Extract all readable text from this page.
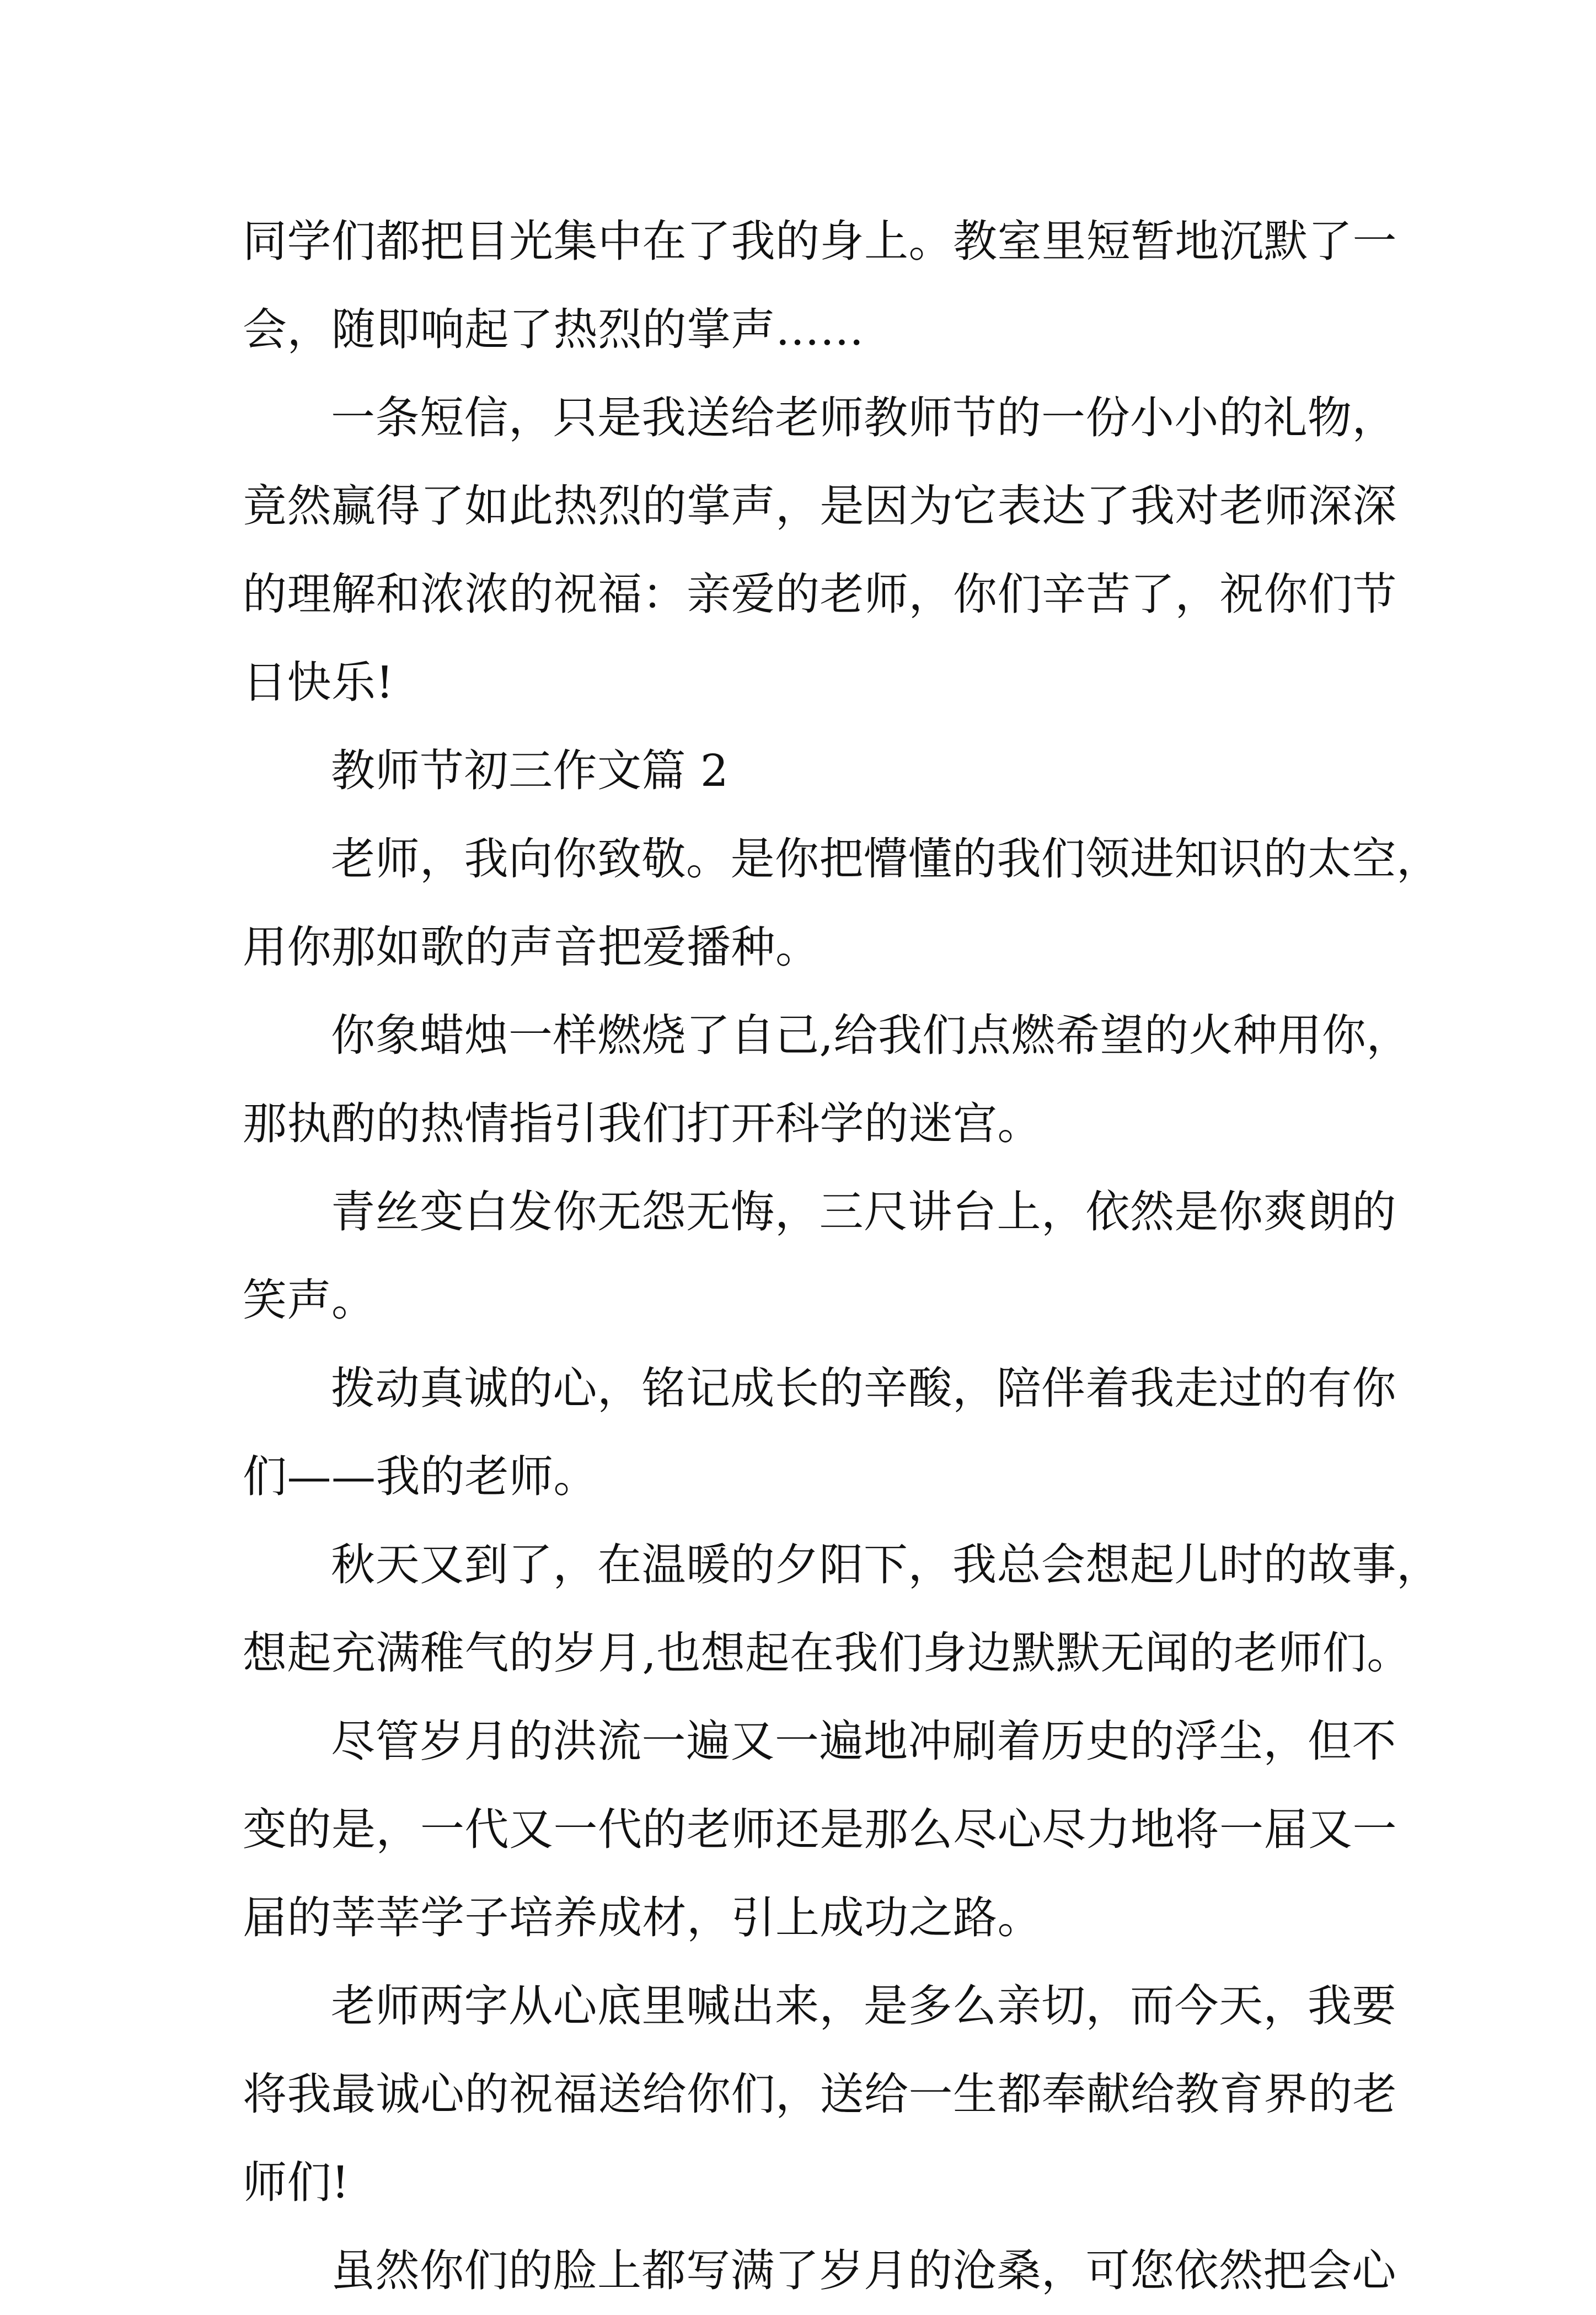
同学们都把目光集中在了我的身上。教室里短暂地沉默了一

会，随即响起了热烈的掌声……

一条短信，只是我送给老师教师节的一份小小的礼物，

竟然赢得了如此热烈的掌声，是因为它表达了我对老师深深

的理解和浓浓的祝福：亲爱的老师，你们辛苦了，祝你们节

日快乐!

教师节初三作文篇 2

老师，我向你致敬。是你把懵懂的我们领进知识的太空，

用你那如歌的声音把爱播种。

你象蜡烛一样燃烧了自己,给我们点燃希望的火种用你，

那执酌的热情指引我们打开科学的迷宫。

青丝变白发你无怨无悔，三尺讲台上，依然是你爽朗的

笑声。

拨动真诚的心，铭记成长的辛酸，陪伴着我走过的有你

们——我的老师。

秋天又到了，在温暖的夕阳下，我总会想起儿时的故事，

想起充满稚气的岁月,也想起在我们身边默默无闻的老师们。

尽管岁月的洪流一遍又一遍地冲刷着历史的浮尘，但不

变的是，一代又一代的老师还是那么尽心尽力地将一届又一

届的莘莘学子培养成材，引上成功之路。

老师两字从心底里喊出来，是多么亲切，而今天，我要

将我最诚心的祝福送给你们，送给一生都奉献给教育界的老

师们!

虽然你们的脸上都写满了岁月的沧桑，可您依然把会心
